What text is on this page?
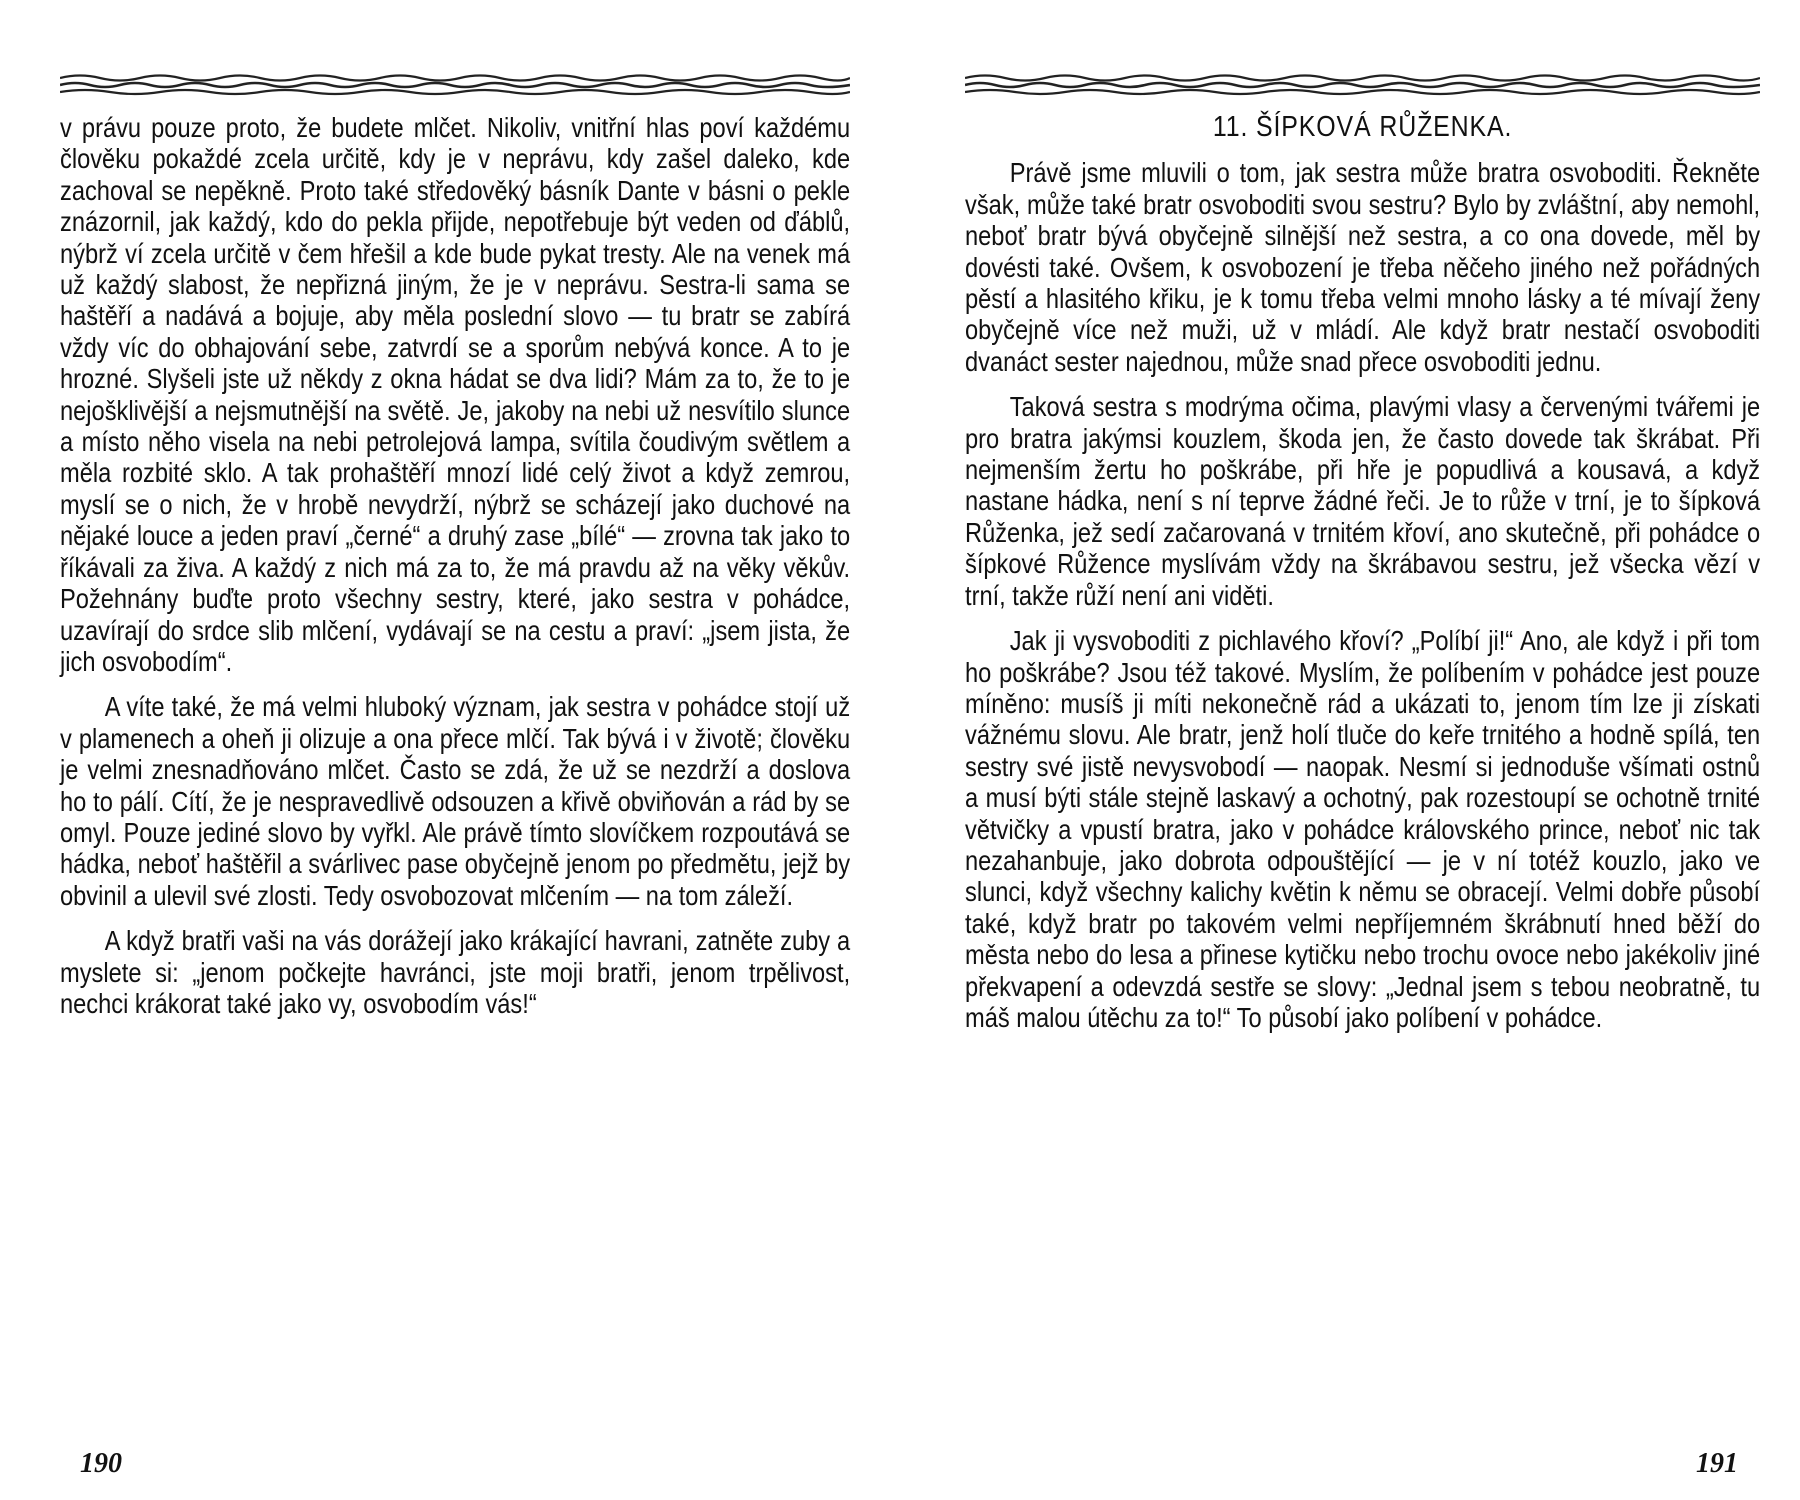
v právu pouze proto, že budete mlčet. Nikoliv, vnitřní hlas poví každému člověku pokaždé zcela určitě, kdy je v neprávu, kdy zašel daleko, kde zachoval se nepěkně. Proto také středověký básník Dante v básni o pekle znázornil, jak každý, kdo do pekla přijde, nepotřebuje být veden od ďáblů, nýbrž ví zcela určitě v čem hřešil a kde bude pykat tresty. Ale na venek má už každý slabost, že nepřizná jiným, že je v neprávu. Sestra-li sama se haštěří a nadává a bojuje, aby měla poslední slovo — tu bratr se zabírá vždy víc do obhajování sebe, zatvrdí se a sporům nebývá konce. A to je hrozné. Slyšeli jste už někdy z okna hádat se dva lidi? Mám za to, že to je nejošklivější a nejsmutnější na světě. Je, jakoby na nebi už nesvítilo slunce a místo něho visela na nebi petrolejová lampa, svítila čoudivým světlem a měla rozbité sklo. A tak prohaštěří mnozí lidé celý život a když zemrou, myslí se o nich, že v hrobě nevydrží, nýbrž se scházejí jako duchové na nějaké louce a jeden praví „černé“ a druhý zase „bílé“ — zrovna tak jako to říkávali za živa. A každý z nich má za to, že má pravdu až na věky věkův. Požehnány buďte proto všechny sestry, které, jako sestra v pohádce, uzavírají do srdce slib mlčení, vydávají se na cestu a praví: „jsem jista, že jich osvobodím“.

A víte také, že má velmi hluboký význam, jak sestra v pohádce stojí už v plamenech a oheň ji olizuje a ona přece mlčí. Tak bývá i v životě; člověku je velmi znesnadňováno mlčet. Často se zdá, že už se nezdrží a doslova ho to pálí. Cítí, že je nespravedlivě odsouzen a křivě obviňován a rád by se omyl. Pouze jediné slovo by vyřkl. Ale právě tímto slovíčkem rozpoutává se hádka, neboť haštěřil a svárlivec pase obyčejně jenom po předmětu, jejž by obvinil a ulevil své zlosti. Tedy osvobozovat mlčením — na tom záleží.

A když bratři vaši na vás dorážejí jako krákající havrani, zatněte zuby a myslete si: „jenom počkejte havránci, jste moji bratři, jenom trpělivost, nechci krákorat také jako vy, osvobodím vás!“

190

11. ŠÍPKOVÁ RŮŽENKA.

Právě jsme mluvili o tom, jak sestra může bratra osvoboditi. Řekněte však, může také bratr osvoboditi svou sestru? Bylo by zvláštní, aby nemohl, neboť bratr bývá obyčejně silnější než sestra, a co ona dovede, měl by dovésti také. Ovšem, k osvobození je třeba něčeho jiného než pořádných pěstí a hlasitého křiku, je k tomu třeba velmi mnoho lásky a té mívají ženy obyčejně více než muži, už v mládí. Ale když bratr nestačí osvoboditi dvanáct sester najednou, může snad přece osvoboditi jednu.

Taková sestra s modrýma očima, plavými vlasy a červenými tvářemi je pro bratra jakýmsi kouzlem, škoda jen, že často dovede tak škrábat. Při nejmenším žertu ho poškrábe, při hře je popudlivá a kousavá, a když nastane hádka, není s ní teprve žádné řeči. Je to růže v trní, je to šípková Růženka, jež sedí začarovaná v trnitém křoví, ano skutečně, při pohádce o šípkové Růžence myslívám vždy na škrábavou sestru, jež všecka vězí v trní, takže růží není ani viděti.

Jak ji vysvoboditi z pichlavého křoví? „Políbí ji!“ Ano, ale když i při tom ho poškrábe? Jsou též takové. Myslím, že políbením v pohádce jest pouze míněno: musíš ji míti nekonečně rád a ukázati to, jenom tím lze ji získati vážnému slovu. Ale bratr, jenž holí tluče do keře trnitého a hodně spílá, ten sestry své jistě nevysvobodí — naopak. Nesmí si jednoduše všímati ostnů a musí býti stále stejně laskavý a ochotný, pak rozestoupí se ochotně trnité větvičky a vpustí bratra, jako v pohádce královského prince, neboť nic tak nezahanbuje, jako dobrota odpouštějící — je v ní totéž kouzlo, jako ve slunci, když všechny kalichy květin k němu se obracejí. Velmi dobře působí také, když bratr po takovém velmi nepříjemném škrábnutí hned běží do města nebo do lesa a přinese kytičku nebo trochu ovoce nebo jakékoliv jiné překvapení a odevzdá sestře se slovy: „Jednal jsem s tebou neobratně, tu máš malou útěchu za to!“ To působí jako políbení v pohádce.

191
